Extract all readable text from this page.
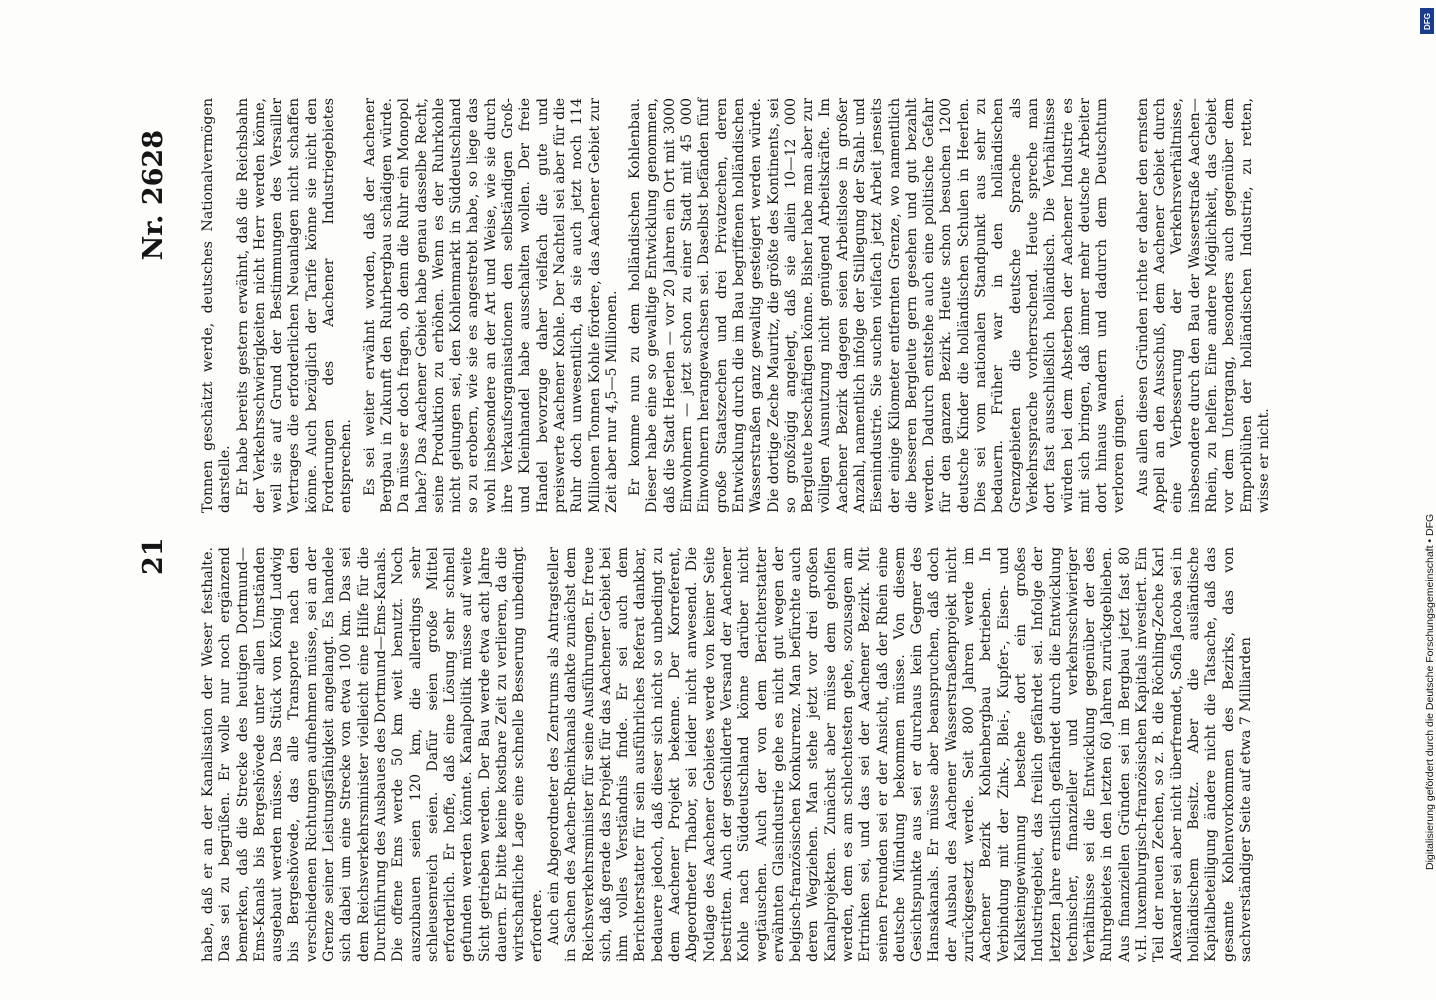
21
Nr. 2628

habe, daß er an der Kanalisation der Weser festhalte. Das sei zu begrüßen. Er wolle nur noch ergänzend bemerken, daß die Strecke des heutigen Dortmund—Ems-Kanals bis Bergeshövede unter allen Umständen ausgebaut werden müsse. Das Stück von König Ludwig bis Bergeshövede, das alle Transporte nach den verschiedenen Richtungen aufnehmen müsse, sei an der Grenze seiner Leistungsfähigkeit angelangt. Es handele sich dabei um eine Strecke von etwa 100 km. Das sei dem Reichsverkehrsminister vielleicht eine Hilfe für die Durchführung des Ausbaues des Dortmund—Ems-Kanals. Die offene Ems werde 50 km weit benutzt. Noch auszubauen seien 120 km, die allerdings sehr schleusenreich seien. Dafür seien große Mittel erforderlich. Er hoffe, daß eine Lösung sehr schnell gefunden werden könnte. Kanalpolitik müsse auf weite Sicht getrieben werden. Der Bau werde etwa acht Jahre dauern. Er bitte keine kostbare Zeit zu verlieren, da die wirtschaftliche Lage eine schnelle Besserung unbedingt erfordere. Auch ein Abgeordneter des Zentrums als Antragsteller in Sachen des Aachen-Rheinkanals dankte zunächst dem Reichsverkehrsminister für seine Ausführungen. Er freue sich, daß gerade das Projekt für das Aachener Gebiet bei ihm volles Verständnis finde. Er sei auch dem Berichterstatter für sein ausführliches Referat dankbar, bedauere jedoch, daß dieser sich nicht so unbedingt zu dem Aachener Projekt bekenne. Der Korreferent, Abgeordneter Thabor, sei leider nicht anwesend. Die Notlage des Aachener Gebietes werde von keiner Seite bestritten. Auch der geschilderte Versand der Aachener Kohle nach Süddeutschland könne darüber nicht wegtäuschen. Auch der von dem Berichterstatter erwähnten Glasindustrie gehe es nicht gut wegen der belgisch-französischen Konkurrenz. Man befürchte auch deren Wegziehen. Man stehe jetzt vor drei großen Kanalprojekten. Zunächst aber müsse dem geholfen werden, dem es am schlechtesten gehe, sozusagen am Ertrinken sei, und das sei der Aachener Bezirk. Mit seinen Freunden sei er der Ansicht, daß der Rhein eine deutsche Mündung bekommen müsse. Von diesem Gesichtspunkte aus sei er durchaus kein Gegner des Hansakanals. Er müsse aber beanspruchen, daß doch der Ausbau des Aachener Wasserstraßenprojekt nicht zurückgesetzt werde. Seit 800 Jahren werde im Aachener Bezirk Kohlenbergbau betrieben. In Verbindung mit der Zink-, Blei-, Kupfer-, Eisen- und Kalksteingewinnung bestehe dort ein großes Industriegebiet, das freilich gefährdet sei. Infolge der letzten Jahre ernstlich gefährdet durch die Entwicklung technischer, finanzieller und verkehrsschwieriger Verhältnisse sei die Entwicklung gegenüber der des Ruhrgebietes in den letzten 60 Jahren zurückgeblieben. Aus finanziellen Gründen sei im Bergbau jetzt fast 80 v.H. luxemburgisch-französischen Kapitals investiert. Ein Teil der neuen Zechen, so z. B. die Röchling-Zeche Karl Alexander sei aber nicht überfremdet, Sofia Jacoba sei in holländischem Besitz. Aber die ausländische Kapitalbeteiligung ändere nicht die Tatsache, daß das gesamte Kohlenvorkommen des Bezirks, das von sachverständiger Seite auf etwa 7 Milliarden

Tonnen geschätzt werde, deutsches Nationalvermögen darstelle. Er habe bereits gestern erwähnt, daß die Reichsbahn der Verkehrsschwierigkeiten nicht Herr werden könne, weil sie auf Grund der Bestimmungen des Versailler Vertrages die erforderlichen Neuanlagen nicht schaffen könne. Auch bezüglich der Tarife könne sie nicht den Forderungen des Aachener Industriegebietes entsprechen. Es sei weiter erwähnt worden, daß der Aachener Bergbau in Zukunft den Ruhrbergbau schädigen würde. Da müsse er doch fragen, ob denn die Ruhr ein Monopol habe? Das Aachener Gebiet habe genau dasselbe Recht, seine Produktion zu erhöhen. Wenn es der Ruhrkohle nicht gelungen sei, den Kohlenmarkt in Süddeutschland so zu erobern, wie sie es angestrebt habe, so liege das wohl insbesondere an der Art und Weise, wie sie durch ihre Verkaufsorganisationen den selbständigen Groß- und Kleinhandel habe ausschalten wollen. Der freie Handel bevorzuge daher vielfach die gute und preiswerte Aachener Kohle. Der Nachteil sei aber für die Ruhr doch unwesentlich, da sie auch jetzt noch 114 Millionen Tonnen Kohle fördere, das Aachener Gebiet zur Zeit aber nur 4,5—5 Millionen. Er komme nun zu dem holländischen Kohlenbau. Dieser habe eine so gewaltige Entwicklung genommen, daß die Stadt Heerlen — vor 20 Jahren ein Ort mit 3000 Einwohnern — jetzt schon zu einer Stadt mit 45 000 Einwohnern herangewachsen sei. Daselbst befänden fünf große Staatszechen und drei Privatzechen, deren Entwicklung durch die im Bau begriffenen holländischen Wasserstraßen ganz gewaltig gesteigert werden würde. Die dortige Zeche Mauritz, die größte des Kontinents, sei so großzügig angelegt, daß sie allein 10—12 000 Bergleute beschäftigen könne. Bisher habe man aber zur völligen Ausnutzung nicht genügend Arbeitskräfte. Im Aachener Bezirk dagegen seien Arbeitslose in großer Anzahl, namentlich infolge der Stillegung der Stahl- und Eisenindustrie. Sie suchen vielfach jetzt Arbeit jenseits der einige Kilometer entfernten Grenze, wo namentlich die besseren Bergleute gern gesehen und gut bezahlt werden. Dadurch entstehe auch eine politische Gefahr für den ganzen Bezirk. Heute schon besuchen 1200 deutsche Kinder die holländischen Schulen in Heerlen. Dies sei vom nationalen Standpunkt aus sehr zu bedauern. Früher war in den holländischen Grenzgebieten die deutsche Sprache als Verkehrssprache vorherrschend. Heute spreche man dort fast ausschließlich holländisch. Die Verhältnisse würden bei dem Absterben der Aachener Industrie es mit sich bringen, daß immer mehr deutsche Arbeiter dort hinaus wandern und dadurch dem Deutschtum verloren gingen. Aus allen diesen Gründen richte er daher den ernsten Appell an den Ausschuß, dem Aachener Gebiet durch eine Verbesserung der Verkehrsverhältnisse, insbesondere durch den Bau der Wasserstraße Aachen—Rhein, zu helfen. Eine andere Möglichkeit, das Gebiet vor dem Untergang, besonders auch gegenüber dem Emporblühen der holländischen Industrie, zu retten, wisse er nicht.

DFG
Digitalisierung gefördert durch die Deutsche Forschungsgemeinschaft • DFG
